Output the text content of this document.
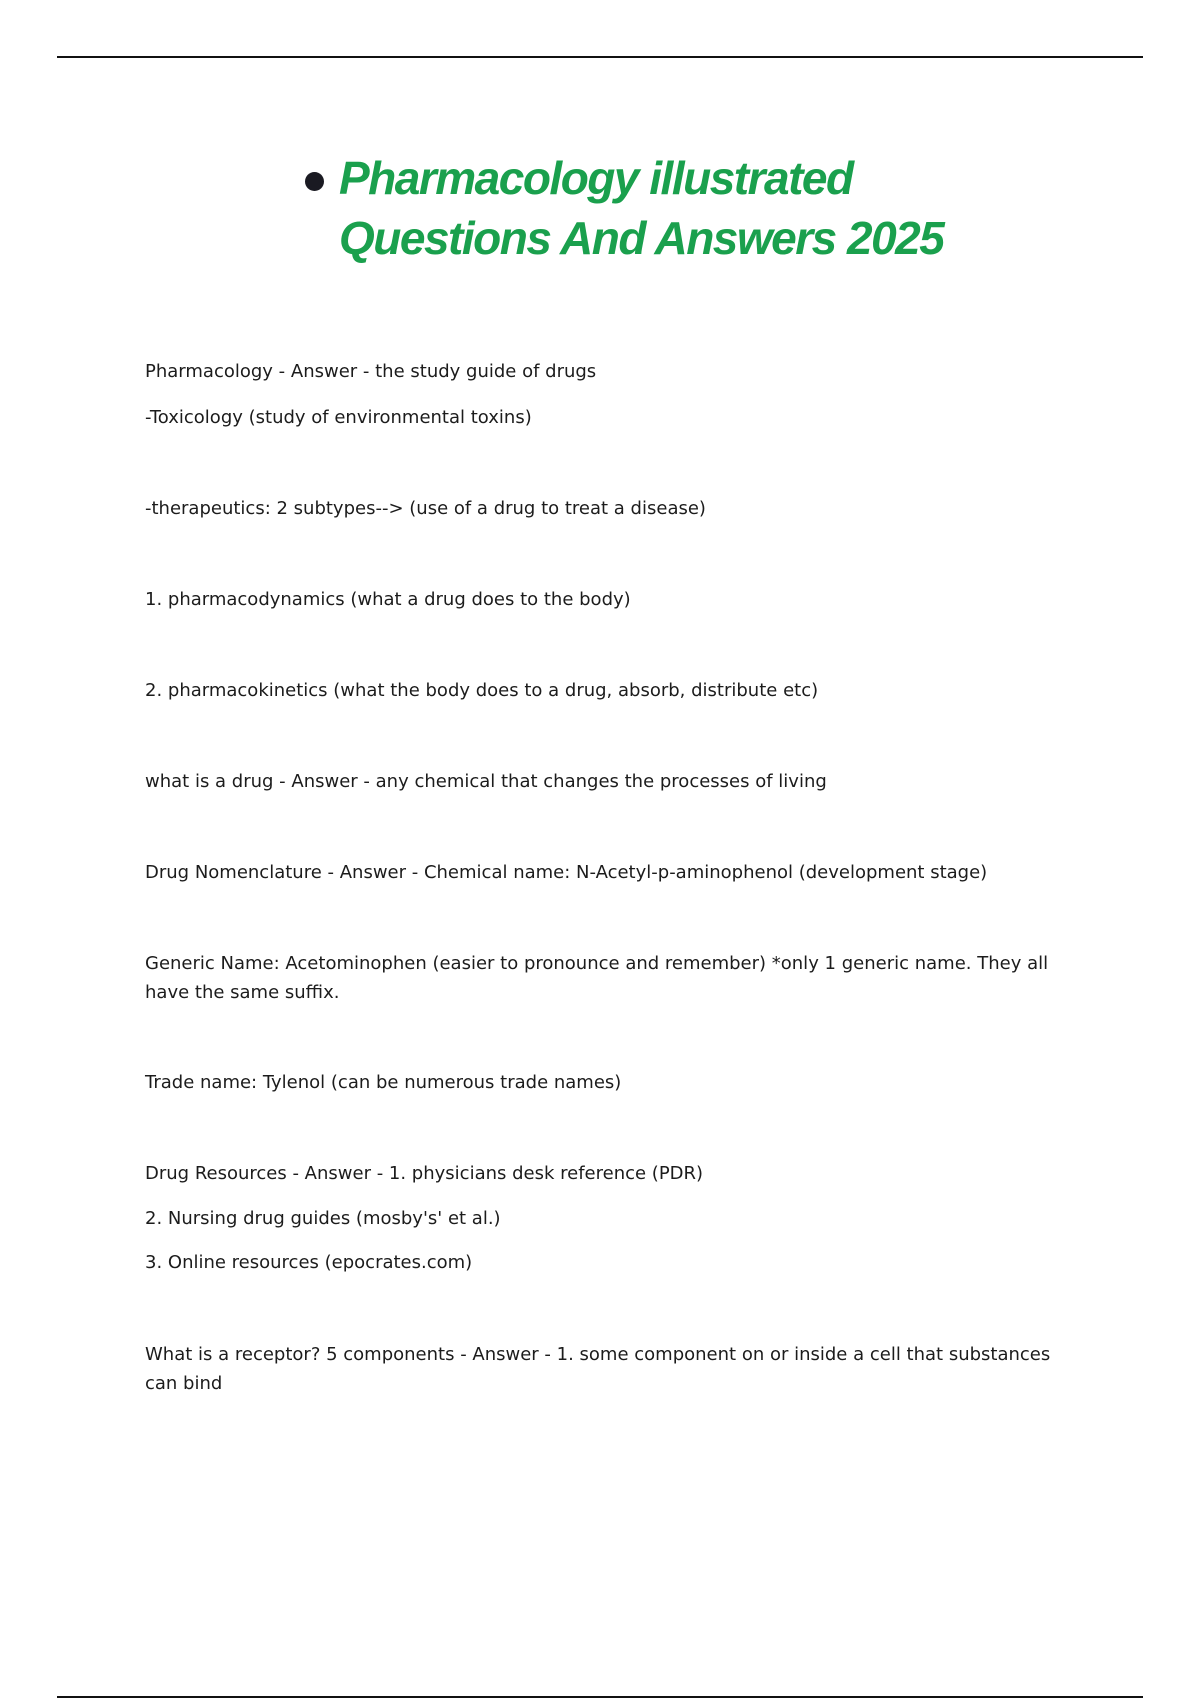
Pharmacology illustrated
Questions And Answers 2025

Pharmacology - Answer - the study guide of drugs

-Toxicology (study of environmental toxins)

-therapeutics: 2 subtypes--> (use of a drug to treat a disease)

1. pharmacodynamics (what a drug does to the body)

2. pharmacokinetics (what the body does to a drug, absorb, distribute etc)

what is a drug - Answer - any chemical that changes the processes of living

Drug Nomenclature - Answer - Chemical name: N-Acetyl-p-aminophenol (development stage)

Generic Name: Acetominophen (easier to pronounce and remember) *only 1 generic name. They all have the same suffix.

Trade name: Tylenol (can be numerous trade names)

Drug Resources - Answer - 1. physicians desk reference (PDR)

2. Nursing drug guides (mosby's' et al.)

3. Online resources (epocrates.com)

What is a receptor? 5 components - Answer - 1. some component on or inside a cell that substances can bind
